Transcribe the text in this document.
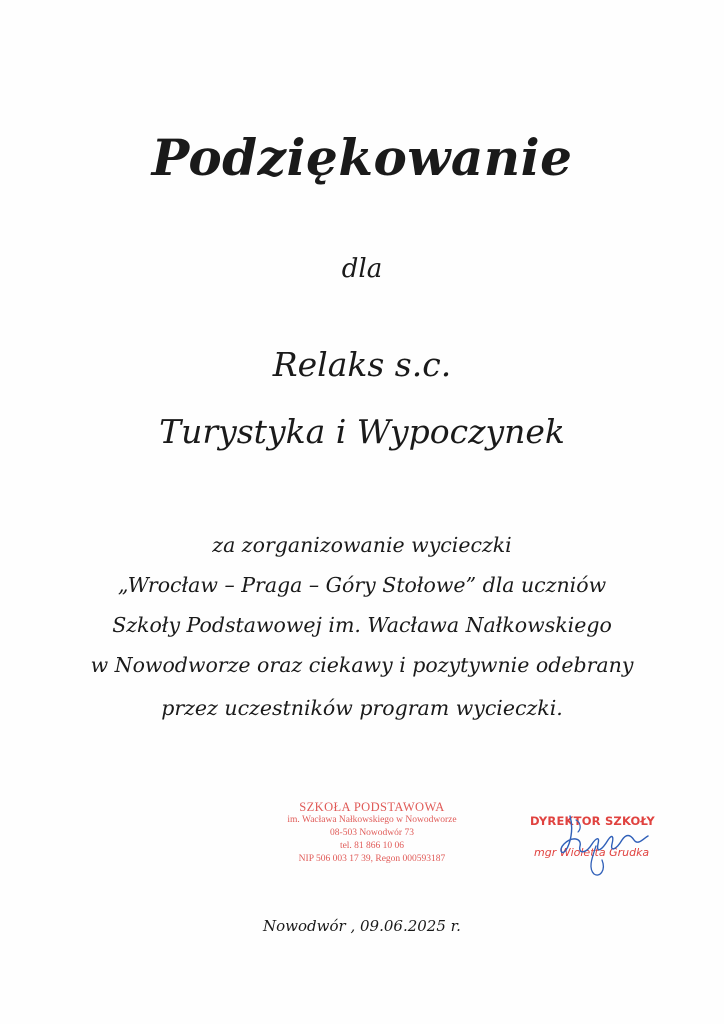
Podziękowanie
dla
Relaks s.c.
Turystyka i Wypoczynek
za zorganizowanie wycieczki
„Wrocław – Praga – Góry Stołowe” dla uczniów
Szkoły Podstawowej im. Wacława Nałkowskiego
w Nowodworze oraz ciekawy i pozytywnie odebrany
przez uczestników program wycieczki.
SZKOŁA PODSTAWOWA
im. Wacława Nałkowskiego w Nowodworze
08-503 Nowodwór 73
tel. 81 866 10 06
NIP 506 003 17 39, Regon 000593187
DYREKTOR SZKOŁY
mgr Wioletta Grudka
Nowodwór , 09.06.2025 r.
